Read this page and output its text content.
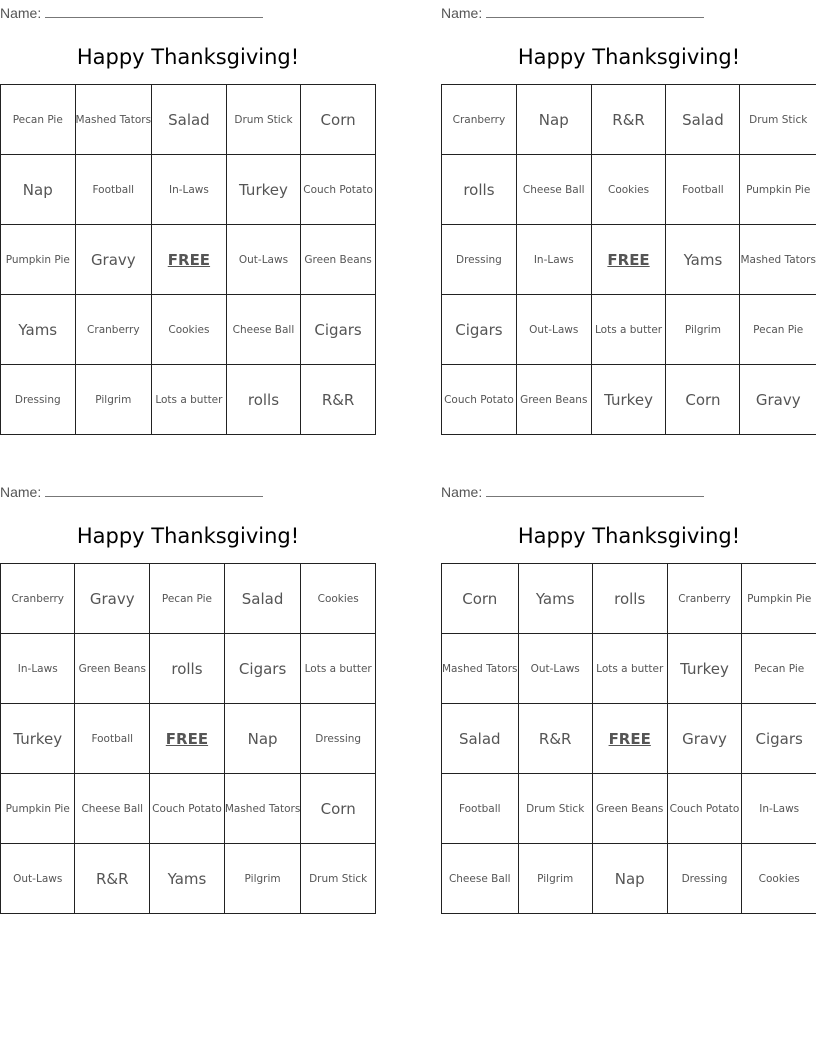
Name:
Happy Thanksgiving!
Pecan Pie	Mashed Tators	Salad	Drum Stick	Corn
Nap	Football	In-Laws	Turkey	Couch Potato
Pumpkin Pie	Gravy	FREE	Out-Laws	Green Beans
Yams	Cranberry	Cookies	Cheese Ball	Cigars
Dressing	Pilgrim	Lots a butter	rolls	R&R
Name:
Happy Thanksgiving!
Cranberry	Nap	R&R	Salad	Drum Stick
rolls	Cheese Ball	Cookies	Football	Pumpkin Pie
Dressing	In-Laws	FREE	Yams	Mashed Tators
Cigars	Out-Laws	Lots a butter	Pilgrim	Pecan Pie
Couch Potato	Green Beans	Turkey	Corn	Gravy
Name:
Happy Thanksgiving!
Cranberry	Gravy	Pecan Pie	Salad	Cookies
In-Laws	Green Beans	rolls	Cigars	Lots a butter
Turkey	Football	FREE	Nap	Dressing
Pumpkin Pie	Cheese Ball	Couch Potato	Mashed Tators	Corn
Out-Laws	R&R	Yams	Pilgrim	Drum Stick
Name:
Happy Thanksgiving!
Corn	Yams	rolls	Cranberry	Pumpkin Pie
Mashed Tators	Out-Laws	Lots a butter	Turkey	Pecan Pie
Salad	R&R	FREE	Gravy	Cigars
Football	Drum Stick	Green Beans	Couch Potato	In-Laws
Cheese Ball	Pilgrim	Nap	Dressing	Cookies
